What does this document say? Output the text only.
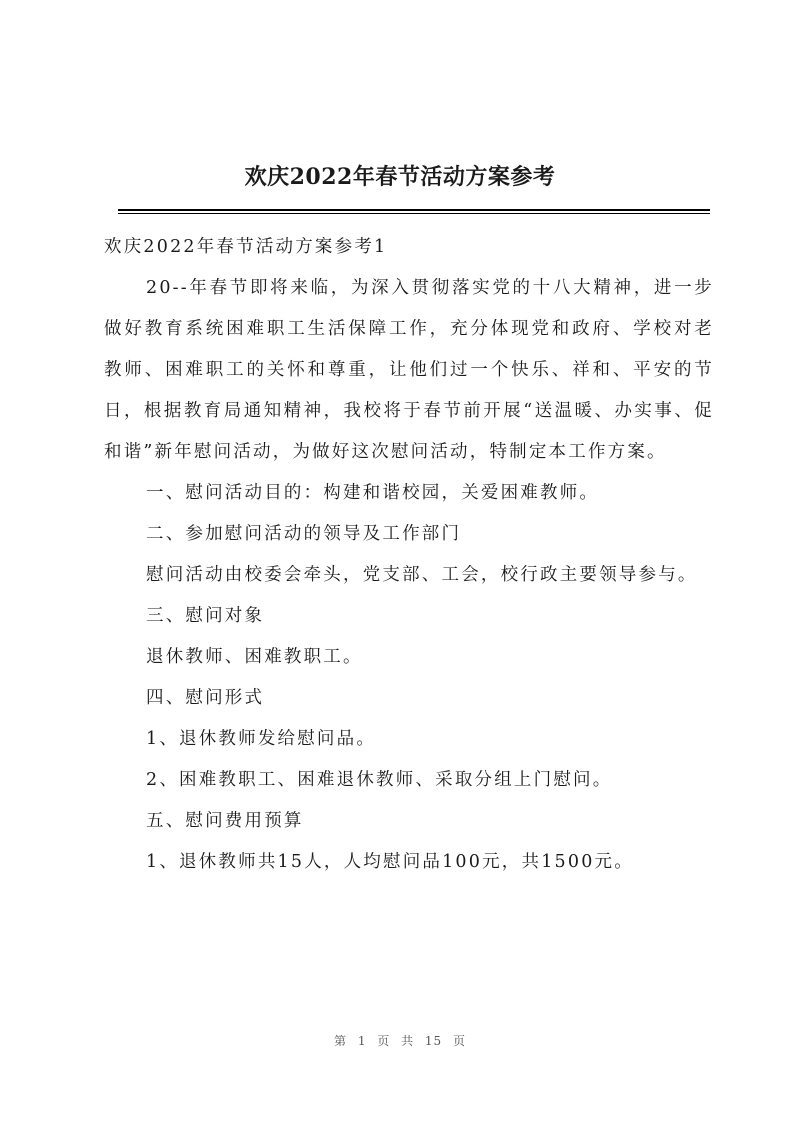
欢庆2022年春节活动方案参考

欢庆2022年春节活动方案参考1

20--年春节即将来临，为深入贯彻落实党的十八大精神，进一步做好教育系统困难职工生活保障工作，充分体现党和政府、学校对老教师、困难职工的关怀和尊重，让他们过一个快乐、祥和、平安的节日，根据教育局通知精神，我校将于春节前开展“送温暖、办实事、促和谐”新年慰问活动，为做好这次慰问活动，特制定本工作方案。

一、慰问活动目的：构建和谐校园，关爱困难教师。

二、参加慰问活动的领导及工作部门

慰问活动由校委会牵头，党支部、工会，校行政主要领导参与。

三、慰问对象

退休教师、困难教职工。

四、慰问形式

1、退休教师发给慰问品。

2、困难教职工、困难退休教师、采取分组上门慰问。

五、慰问费用预算

1、退休教师共15人，人均慰问品100元，共1500元。

第 1 页 共 15 页
